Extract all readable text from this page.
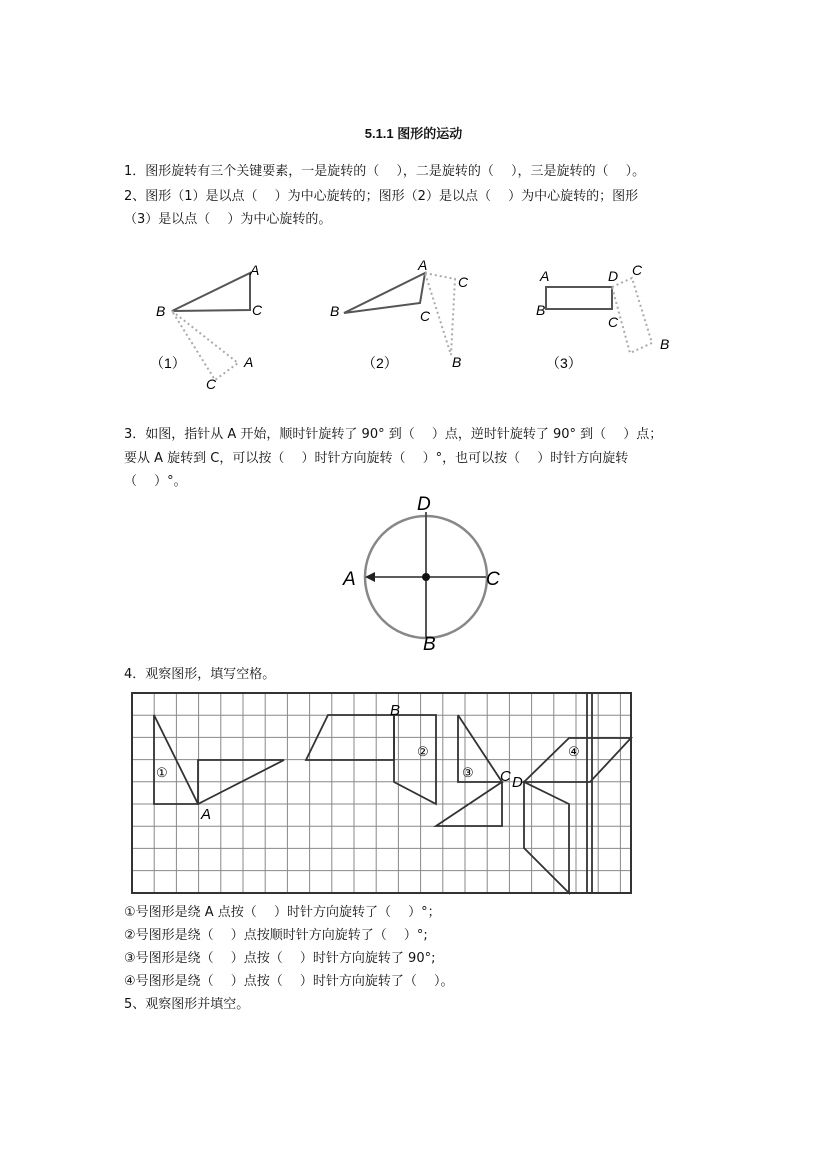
5.1.1 图形的运动
1．图形旋转有三个关键要素，一是旋转的（　 ），二是旋转的（　 ），三是旋转的（　 ）。
2、图形（1）是以点（　 ）为中心旋转的；图形（2）是以点（　 ）为中心旋转的；图形
（3）是以点（　 ）为中心旋转的。
A
B	C
A
C
（1）
A
B	C
C
B
（2）
A	D C
B
C
B
（3）
3．如图，指针从 A 开始，顺时针旋转了 90° 到（　 ）点，逆时针旋转了 90° 到（　 ）点；
要从 A 旋转到 C，可以按（　 ）时针方向旋转（　 ）°，也可以按（　 ）时针方向旋转
（　 ）°。
D
A	C
B
4．观察图形，填写空格。
①
②
③
④
A
B
C D
①号图形是绕 A 点按（　 ）时针方向旋转了（　 ）°；
②号图形是绕（　 ）点按顺时针方向旋转了（　 ）°;
③号图形是绕（　 ）点按（　 ）时针方向旋转了 90°;
④号图形是绕（　 ）点按（　 ）时针方向旋转了（　 ）。
5、观察图形并填空。
